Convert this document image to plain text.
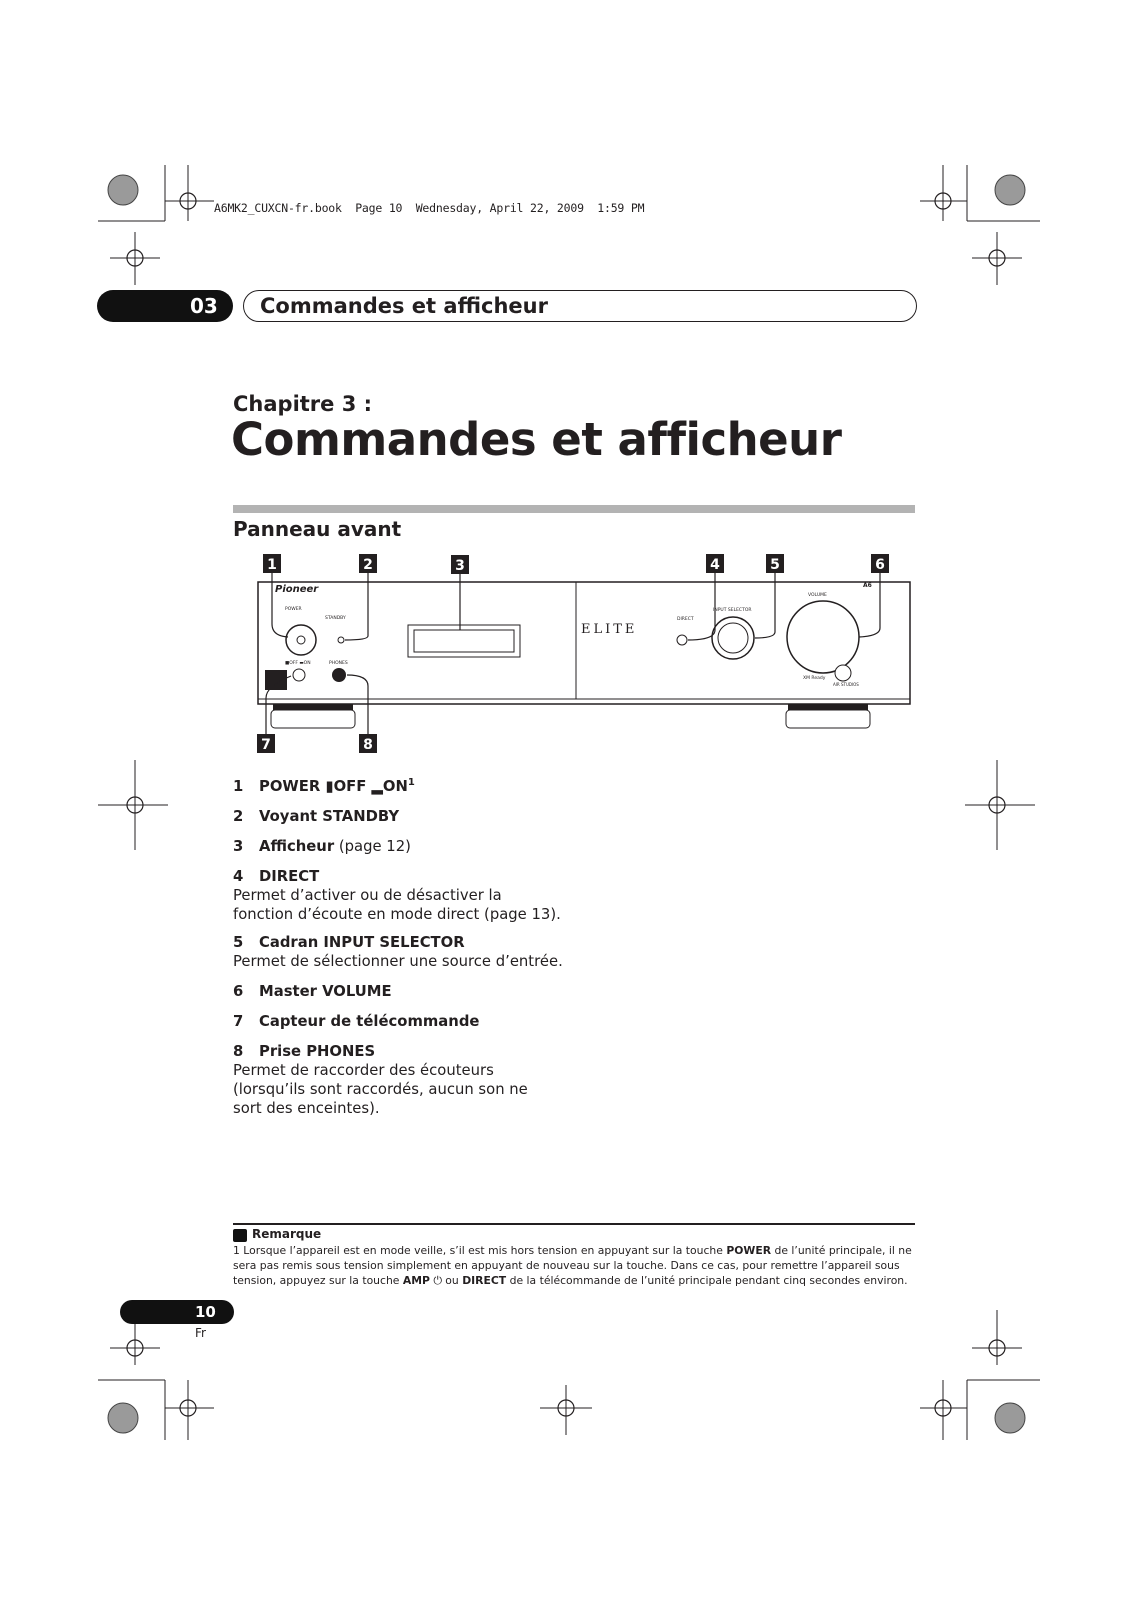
A6MK2_CUXCN-fr.book  Page 10  Wednesday, April 22, 2009  1:59 PM
03 Commandes et afficheur
Chapitre 3 :
Commandes et afficheur
Panneau avant
1	2	3	4	5	6
7	8
Pioneer
POWER
STANDBY
■OFF ▬ON	PHONES
ELITE
DIRECT
INPUT SELECTOR
VOLUME
A6
XM Ready
AIR STUDIOS
1 POWER ▮OFF $▂ON^1$
2 Voyant STANDBY
3 Afficheur (page 12)
4 DIRECT
Permet d’activer ou de désactiver la fonction d’écoute en mode direct (page 13).
5 Cadran INPUT SELECTOR
Permet de sélectionner une source d’entrée.
6 Master VOLUME
7 Capteur de télécommande
8 Prise PHONES
Permet de raccorder des écouteurs (lorsqu’ils sont raccordés, aucun son ne sort des enceintes).
Remarque
1 Lorsque l’appareil est en mode veille, s’il est mis hors tension en appuyant sur la touche POWER de l’unité principale, il ne sera pas remis sous tension simplement en appuyant de nouveau sur la touche. Dans ce cas, pour remettre l’appareil sous tension, appuyez sur la touche AMP ⏻ ou DIRECT de la télécommande de l’unité principale pendant cinq secondes environ.
10
Fr
